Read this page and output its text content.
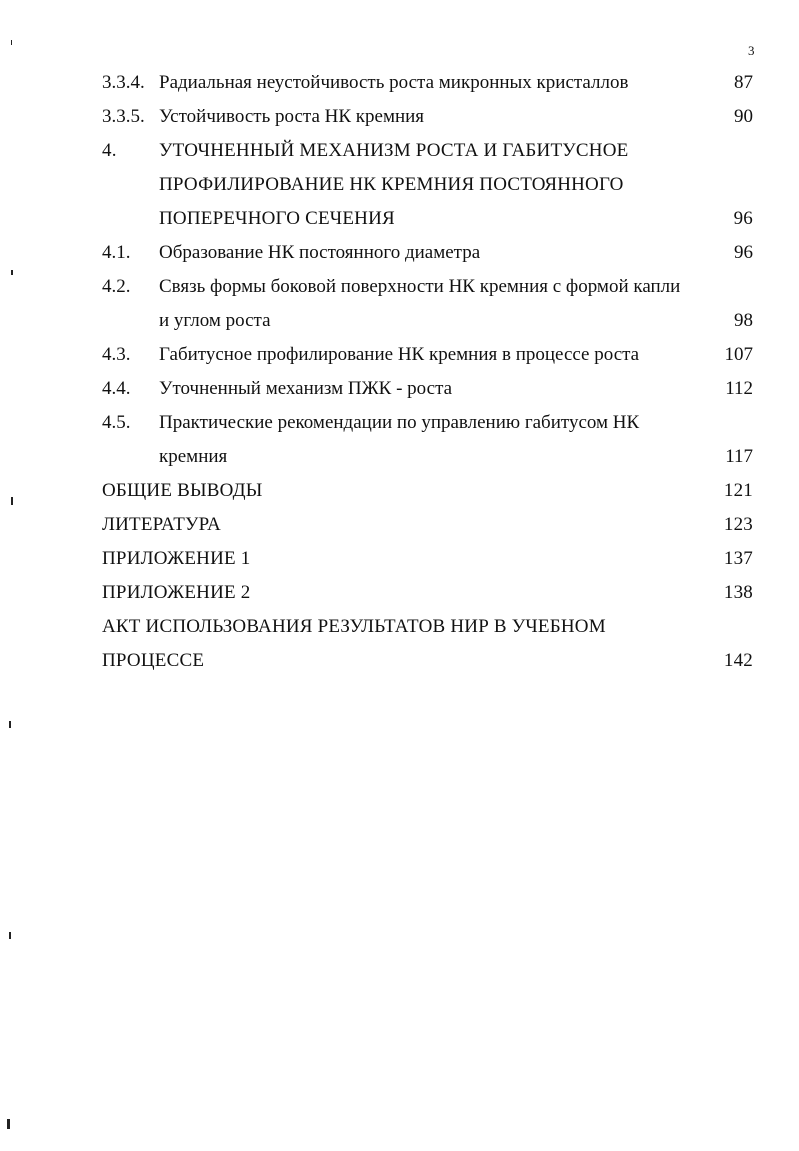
3
3.3.4. Радиальная неустойчивость роста микронных кристаллов	87
3.3.5. Устойчивость роста НК кремния	90
4. УТОЧНЕННЫЙ МЕХАНИЗМ РОСТА И ГАБИТУСНОЕ
ПРОФИЛИРОВАНИЕ НК КРЕМНИЯ ПОСТОЯННОГО
ПОПЕРЕЧНОГО СЕЧЕНИЯ	96
4.1. Образование НК постоянного диаметра	96
4.2. Связь формы боковой поверхности НК кремния с формой капли
и углом роста	98
4.3. Габитусное профилирование НК кремния в процессе роста	107
4.4. Уточненный механизм ПЖК - роста	112
4.5. Практические рекомендации по управлению габитусом НК
кремния	117
ОБЩИЕ ВЫВОДЫ	121
ЛИТЕРАТУРА	123
ПРИЛОЖЕНИЕ 1	137
ПРИЛОЖЕНИЕ 2	138
АКТ ИСПОЛЬЗОВАНИЯ РЕЗУЛЬТАТОВ НИР В УЧЕБНОМ
ПРОЦЕССЕ	142
